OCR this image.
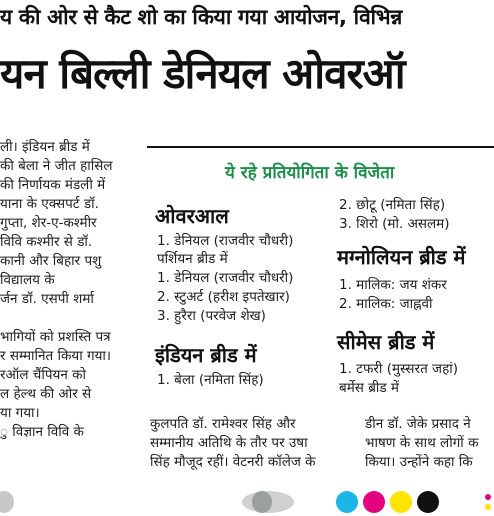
य की ओर से कैट शो का किया गया आयोजन, विभिन्न
यन बिल्ली डेनियल ओवरऑ
ली। इंडियन ब्रीड में
की बेला ने जीत हासिल
की निर्णायक मंडली में
याना के एक्सपर्ट डॉ.
गुप्ता, शेर-ए-कश्मीर
विवि कश्मीर से डॉ.
कानी और बिहार पशु
विद्यालय के
र्जन डॉ. एसपी शर्मा
भागियों को प्रशस्ति पत्र
र सम्मानित किया गया।
रऑल चैंपियन को
ल हेल्थ की ओर से
या गया।
ु विज्ञान विवि के
ये रहे प्रतियोगिता के विजेता
ओवरआल
1. डेनियल (राजवीर चौधरी)
पर्शियन ब्रीड में
1. डेनियल (राजवीर चौधरी)
2. स्टुअर्ट (हरीश इपतेखार)
3. हुरैरा (परवेज शेख)
इंडियन ब्रीड में
1. बेला (नमिता सिंह)
2. छोटू (नमिता सिंह)
3. शिरो (मो. असलम)
मग्नोलियन ब्रीड में
1. मालिक: जय शंकर
2. मालिक: जाह्नवी
सीमेस ब्रीड में
1. टफरी (मुस्सरत जहां)
बर्मेस ब्रीड में
कुलपति डॉ. रामेश्वर सिंह और
सम्मानीय अतिथि के तौर पर उषा
सिंह मौजूद रहीं। वेटनरी कॉलेज के
डीन डॉ. जेके प्रसाद ने
भाषण के साथ लोगों क
किया। उन्होंने कहा कि
